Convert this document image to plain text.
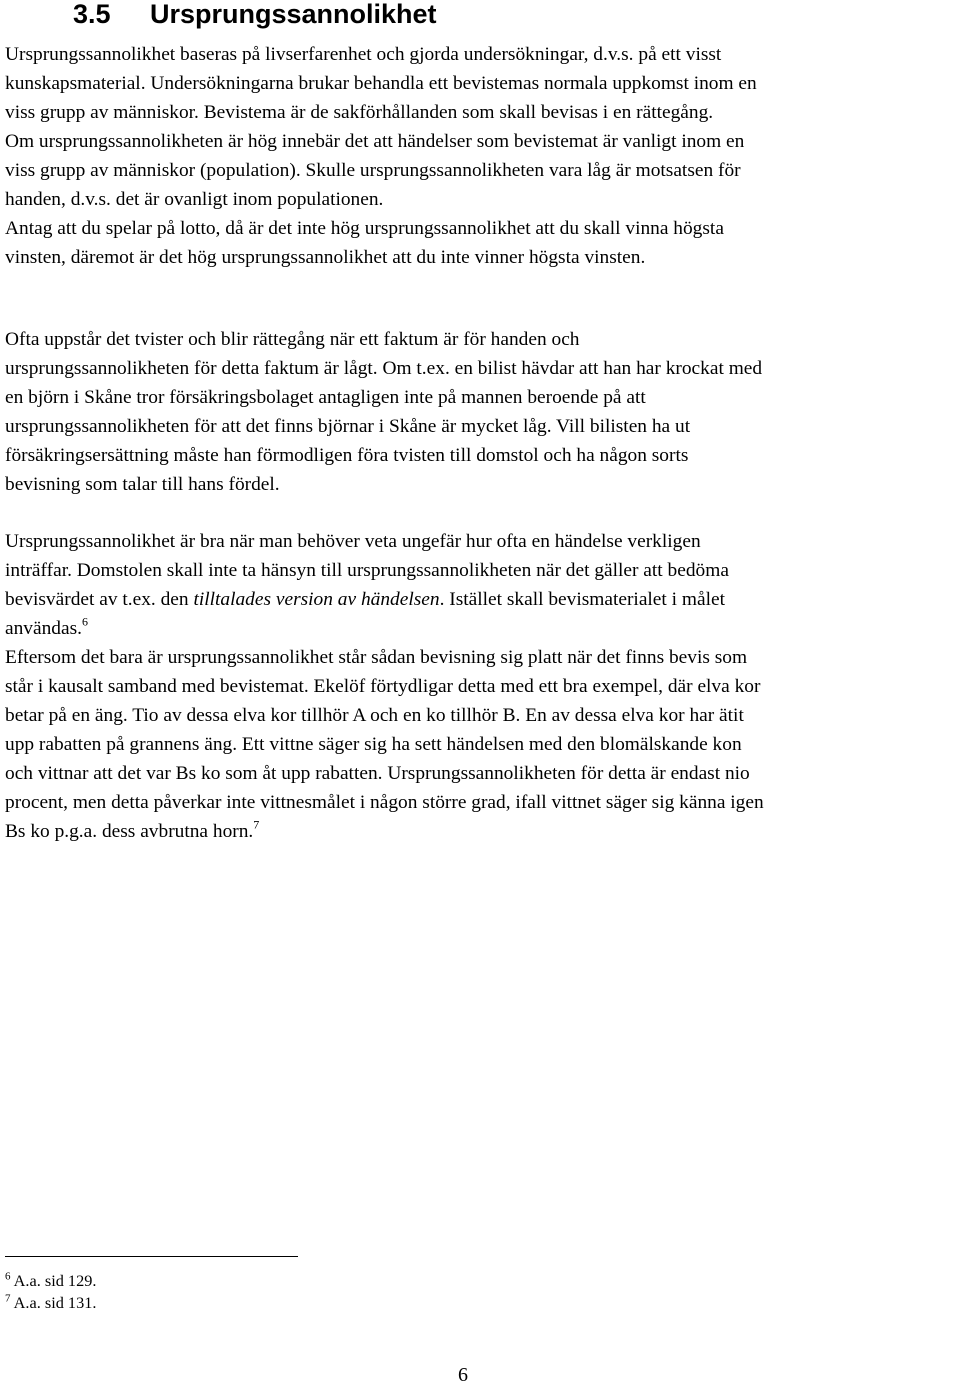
3.5 Ursprungssannolikhet

Ursprungssannolikhet baseras på livserfarenhet och gjorda undersökningar, d.v.s. på ett visst
kunskapsmaterial. Undersökningarna brukar behandla ett bevistemas normala uppkomst inom en
viss grupp av människor. Bevistema är de sakförhållanden som skall bevisas i en rättegång.
Om ursprungssannolikheten är hög innebär det att händelser som bevistemat är vanligt inom en
viss grupp av människor (population). Skulle ursprungssannolikheten vara låg är motsatsen för
handen, d.v.s. det är ovanligt inom populationen.
Antag att du spelar på lotto, då är det inte hög ursprungssannolikhet att du skall vinna högsta
vinsten, däremot är det hög ursprungssannolikhet att du inte vinner högsta vinsten.

Ofta uppstår det tvister och blir rättegång när ett faktum är för handen och
ursprungssannolikheten för detta faktum är lågt. Om t.ex. en bilist hävdar att han har krockat med
en björn i Skåne tror försäkringsbolaget antagligen inte på mannen beroende på att
ursprungssannolikheten för att det finns björnar i Skåne är mycket låg. Vill bilisten ha ut
försäkringsersättning måste han förmodligen föra tvisten till domstol och ha någon sorts
bevisning som talar till hans fördel.

Ursprungssannolikhet är bra när man behöver veta ungefär hur ofta en händelse verkligen
inträffar. Domstolen skall inte ta hänsyn till ursprungssannolikheten när det gäller att bedöma
bevisvärdet av t.ex. den tilltalades version av händelsen. Istället skall bevismaterialet i målet
användas.$^6$

Eftersom det bara är ursprungssannolikhet står sådan bevisning sig platt när det finns bevis som
står i kausalt samband med bevistemat. Ekelöf förtydligar detta med ett bra exempel, där elva kor
betar på en äng. Tio av dessa elva kor tillhör A och en ko tillhör B. En av dessa elva kor har ätit
upp rabatten på grannens äng. Ett vittne säger sig ha sett händelsen med den blomälskande kon
och vittnar att det var Bs ko som åt upp rabatten. Ursprungssannolikheten för detta är endast nio
procent, men detta påverkar inte vittnesmålet i någon större grad, ifall vittnet säger sig känna igen
Bs ko p.g.a. dess avbrutna horn.$^7$

$^6$ A.a. sid 129.
$^7$ A.a. sid 131.
6
